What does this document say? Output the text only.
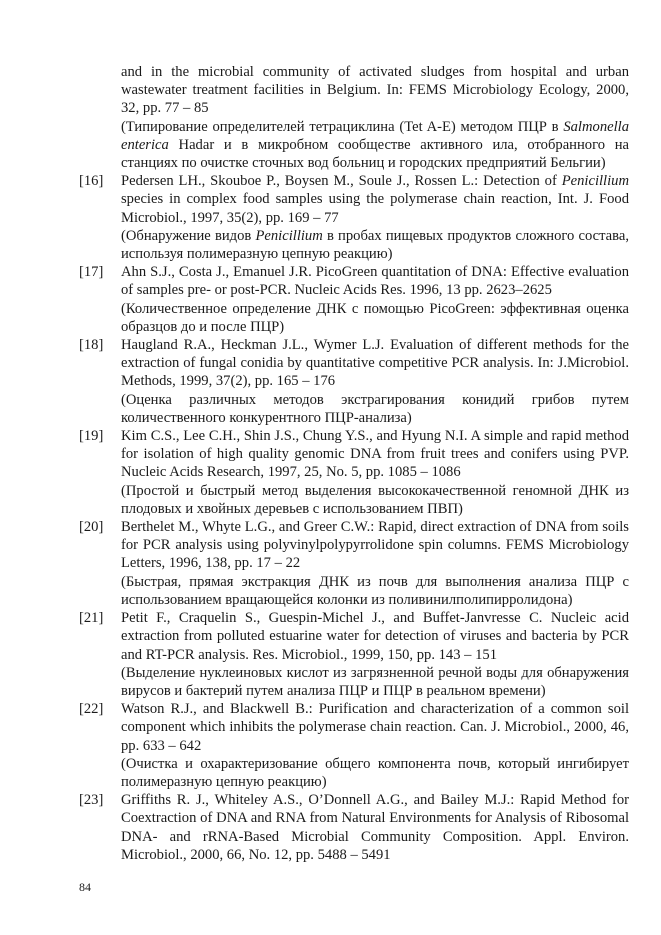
and in the microbial community of activated sludges from hospital and urban wastewater treatment facilities in Belgium. In: FEMS Microbiology Ecology, 2000, 32, pp. 77 – 85

(Типирование определителей тетрациклина (Tet A-E) методом ПЦР в Salmonella enterica Hadar и в микробном сообществе активного ила, отобранного на станциях по очистке сточных вод больниц и городских предприятий Бельгии)

[16] Pedersen LH., Skouboe P., Boysen M., Soule J., Rossen L.: Detection of Penicillium species in complex food samples using the polymerase chain reaction, Int. J. Food Microbiol., 1997, 35(2), pp. 169 – 77

(Обнаружение видов Penicillium в пробах пищевых продуктов сложного состава, используя полимеразную цепную реакцию)

[17] Ahn S.J., Costa J., Emanuel J.R. PicoGreen quantitation of DNA: Effective evaluation of samples pre- or post-PCR. Nucleic Acids Res. 1996, 13 pp. 2623–2625

(Количественное определение ДНК с помощью PicoGreen: эффективная оценка образцов до и после ПЦР)

[18] Haugland R.A., Heckman J.L., Wymer L.J. Evaluation of different methods for the extraction of fungal conidia by quantitative competitive PCR analysis. In: J.Microbiol. Methods, 1999, 37(2), pp. 165 – 176

(Оценка различных методов экстрагирования конидий грибов путем количественного конкурентного ПЦР-анализа)

[19] Kim C.S., Lee C.H., Shin J.S., Chung Y.S., and Hyung N.I. A simple and rapid method for isolation of high quality genomic DNA from fruit trees and conifers using PVP. Nucleic Acids Research, 1997, 25, No. 5, pp. 1085 – 1086

(Простой и быстрый метод выделения высококачественной геномной ДНК из плодовых и хвойных деревьев с использованием ПВП)

[20] Berthelet M., Whyte L.G., and Greer C.W.: Rapid, direct extraction of DNA from soils for PCR analysis using polyvinylpolypyrrolidone spin columns. FEMS Microbiology Letters, 1996, 138, pp. 17 – 22

(Быстрая, прямая экстракция ДНК из почв для выполнения анализа ПЦР с использованием вращающейся колонки из поливинилполипирролидона)

[21] Petit F., Craquelin S., Guespin-Michel J., and Buffet-Janvresse C. Nucleic acid extraction from polluted estuarine water for detection of viruses and bacteria by PCR and RT-PCR analysis. Res. Microbiol., 1999, 150, pp. 143 – 151

(Выделение нуклеиновых кислот из загрязненной речной воды для обнаружения вирусов и бактерий путем анализа ПЦР и ПЦР в реальном времени)

[22] Watson R.J., and Blackwell B.: Purification and characterization of a common soil component which inhibits the polymerase chain reaction. Can. J. Microbiol., 2000, 46, pp. 633 – 642

(Очистка и охарактеризование общего компонента почв, который ингибирует полимеразную цепную реакцию)

[23] Griffiths R. J., Whiteley A.S., O’Donnell A.G., and Bailey M.J.: Rapid Method for Coextraction of DNA and RNA from Natural Environments for Analysis of Ribosomal DNA- and rRNA-Based Microbial Community Composition. Appl. Environ. Microbiol., 2000, 66, No. 12, pp. 5488 – 5491

84
